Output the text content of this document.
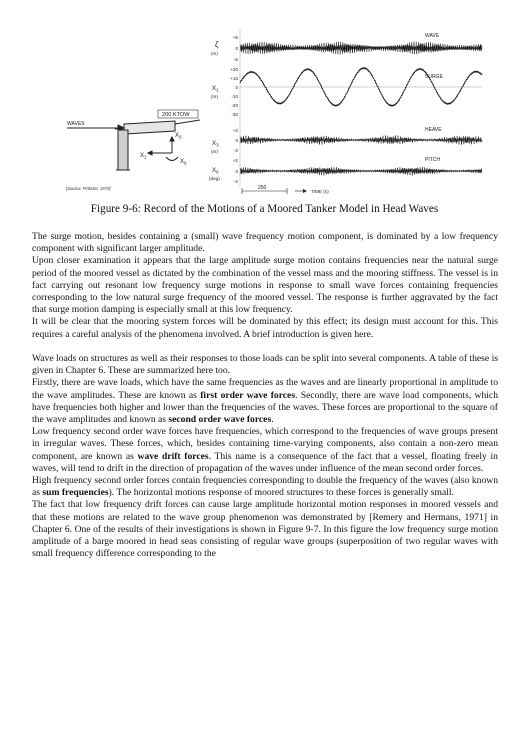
WAVES
200 KTOW
$X_1$
$X_3$
$X_6$
[Source: Pinkster, 1979]
ζ
(m)
$X_1$
(m)
$X_3$
(m)
$X_6$
(deg)
+5
0
-5
+20
+10
0
-10
-20
-30
+2
0
-2
+2
0
-2
WAVE
SURGE
HEAVE
PITCH
250
TIME (s)
Figure 9-6: Record of the Motions of a Moored Tanker Model in Head Waves

The surge motion, besides containing a (small) wave frequency motion component, is dominated by a low frequency component with significant larger amplitude.

Upon closer examination it appears that the large amplitude surge motion contains frequencies near the natural surge period of the moored vessel as dictated by the combination of the vessel mass and the mooring stiffness. The vessel is in fact carrying out resonant low frequency surge motions in response to small wave forces containing frequencies corresponding to the low natural surge frequency of the moored vessel. The response is further aggravated by the fact that surge motion damping is especially small at this low frequency.

It will be clear that the mooring system forces will be dominated by this effect; its design must account for this. This requires a careful analysis of the phenomena involved. A brief introduction is given here.

Wave loads on structures as well as their responses to those loads can be split into several components. A table of these is given in Chapter 6. These are summarized here too.

Firstly, there are wave loads, which have the same frequencies as the waves and are linearly proportional in amplitude to the wave amplitudes. These are known as first order wave forces. Secondly, there are wave load components, which have frequencies both higher and lower than the frequencies of the waves. These forces are proportional to the square of the wave amplitudes and known as second order wave forces.

Low frequency second order wave forces have frequencies, which correspond to the frequencies of wave groups present in irregular waves. These forces, which, besides containing time-varying components, also contain a non-zero mean component, are known as wave drift forces. This name is a consequence of the fact that a vessel, floating freely in waves, will tend to drift in the direction of propagation of the waves under influence of the mean second order forces.

High frequency second order forces contain frequencies corresponding to double the frequency of the waves (also known as sum frequencies). The horizontal motions response of moored structures to these forces is generally small.

The fact that low frequency drift forces can cause large amplitude horizontal motion responses in moored vessels and that these motions are related to the wave group phenomenon was demonstrated by [Remery and Hermans, 1971] in Chapter 6. One of the results of their investigations is shown in Figure 9-7. In this figure the low frequency surge motion amplitude of a barge moored in head seas consisting of regular wave groups (superposition of two regular waves with small frequency difference corresponding to the
